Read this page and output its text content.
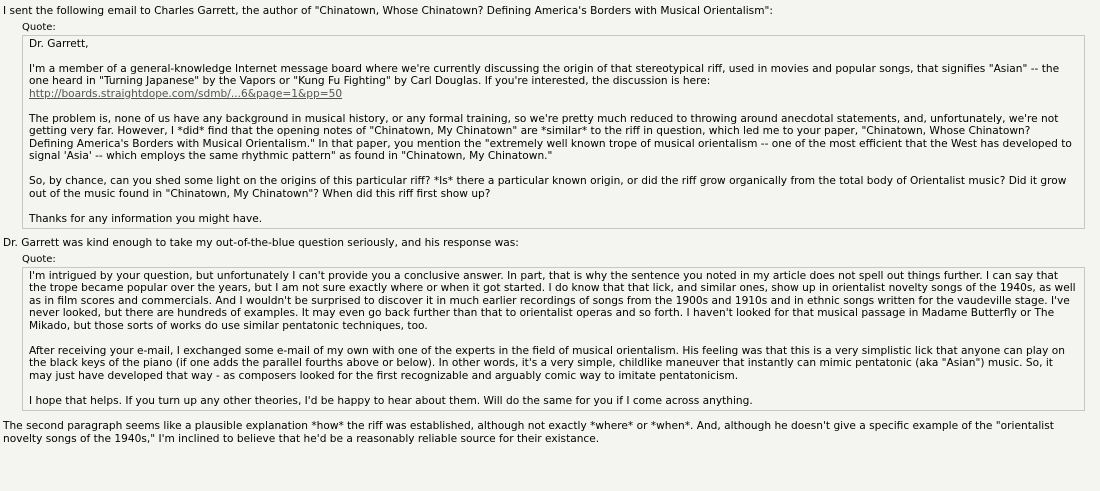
I sent the following email to Charles Garrett, the author of "Chinatown, Whose Chinatown? Defining America's Borders with Musical Orientalism":

Quote:

Dr. Garrett,

I'm a member of a general-knowledge Internet message board where we're currently discussing the origin of that stereotypical riff, used in movies and popular songs, that signifies "Asian" -- the one heard in "Turning Japanese" by the Vapors or "Kung Fu Fighting" by Carl Douglas. If you're interested, the discussion is here:
http://boards.straightdope.com/sdmb/...6&page=1&pp=50

The problem is, none of us have any background in musical history, or any formal training, so we're pretty much reduced to throwing around anecdotal statements, and, unfortunately, we're not getting very far. However, I *did* find that the opening notes of "Chinatown, My Chinatown" are *similar* to the riff in question, which led me to your paper, "Chinatown, Whose Chinatown? Defining America's Borders with Musical Orientalism." In that paper, you mention the "extremely well known trope of musical orientalism -- one of the most efficient that the West has developed to signal 'Asia' -- which employs the same rhythmic pattern" as found in "Chinatown, My Chinatown."

So, by chance, can you shed some light on the origins of this particular riff? *Is* there a particular known origin, or did the riff grow organically from the total body of Orientalist music? Did it grow out of the music found in "Chinatown, My Chinatown"? When did this riff first show up?

Thanks for any information you might have.

Dr. Garrett was kind enough to take my out-of-the-blue question seriously, and his response was:

Quote:

I'm intrigued by your question, but unfortunately I can't provide you a conclusive answer. In part, that is why the sentence you noted in my article does not spell out things further. I can say that the trope became popular over the years, but I am not sure exactly where or when it got started. I do know that that lick, and similar ones, show up in orientalist novelty songs of the 1940s, as well as in film scores and commercials. And I wouldn't be surprised to discover it in much earlier recordings of songs from the 1900s and 1910s and in ethnic songs written for the vaudeville stage. I've never looked, but there are hundreds of examples. It may even go back further than that to orientalist operas and so forth. I haven't looked for that musical passage in Madame Butterfly or The Mikado, but those sorts of works do use similar pentatonic techniques, too.

After receiving your e-mail, I exchanged some e-mail of my own with one of the experts in the field of musical orientalism. His feeling was that this is a very simplistic lick that anyone can play on the black keys of the piano (if one adds the parallel fourths above or below). In other words, it's a very simple, childlike maneuver that instantly can mimic pentatonic (aka "Asian") music. So, it may just have developed that way - as composers looked for the first recognizable and arguably comic way to imitate pentatonicism.

I hope that helps. If you turn up any other theories, I'd be happy to hear about them. Will do the same for you if I come across anything.

The second paragraph seems like a plausible explanation *how* the riff was established, although not exactly *where* or *when*. And, although he doesn't give a specific example of the "orientalist novelty songs of the 1940s," I'm inclined to believe that he'd be a reasonably reliable source for their existance.
